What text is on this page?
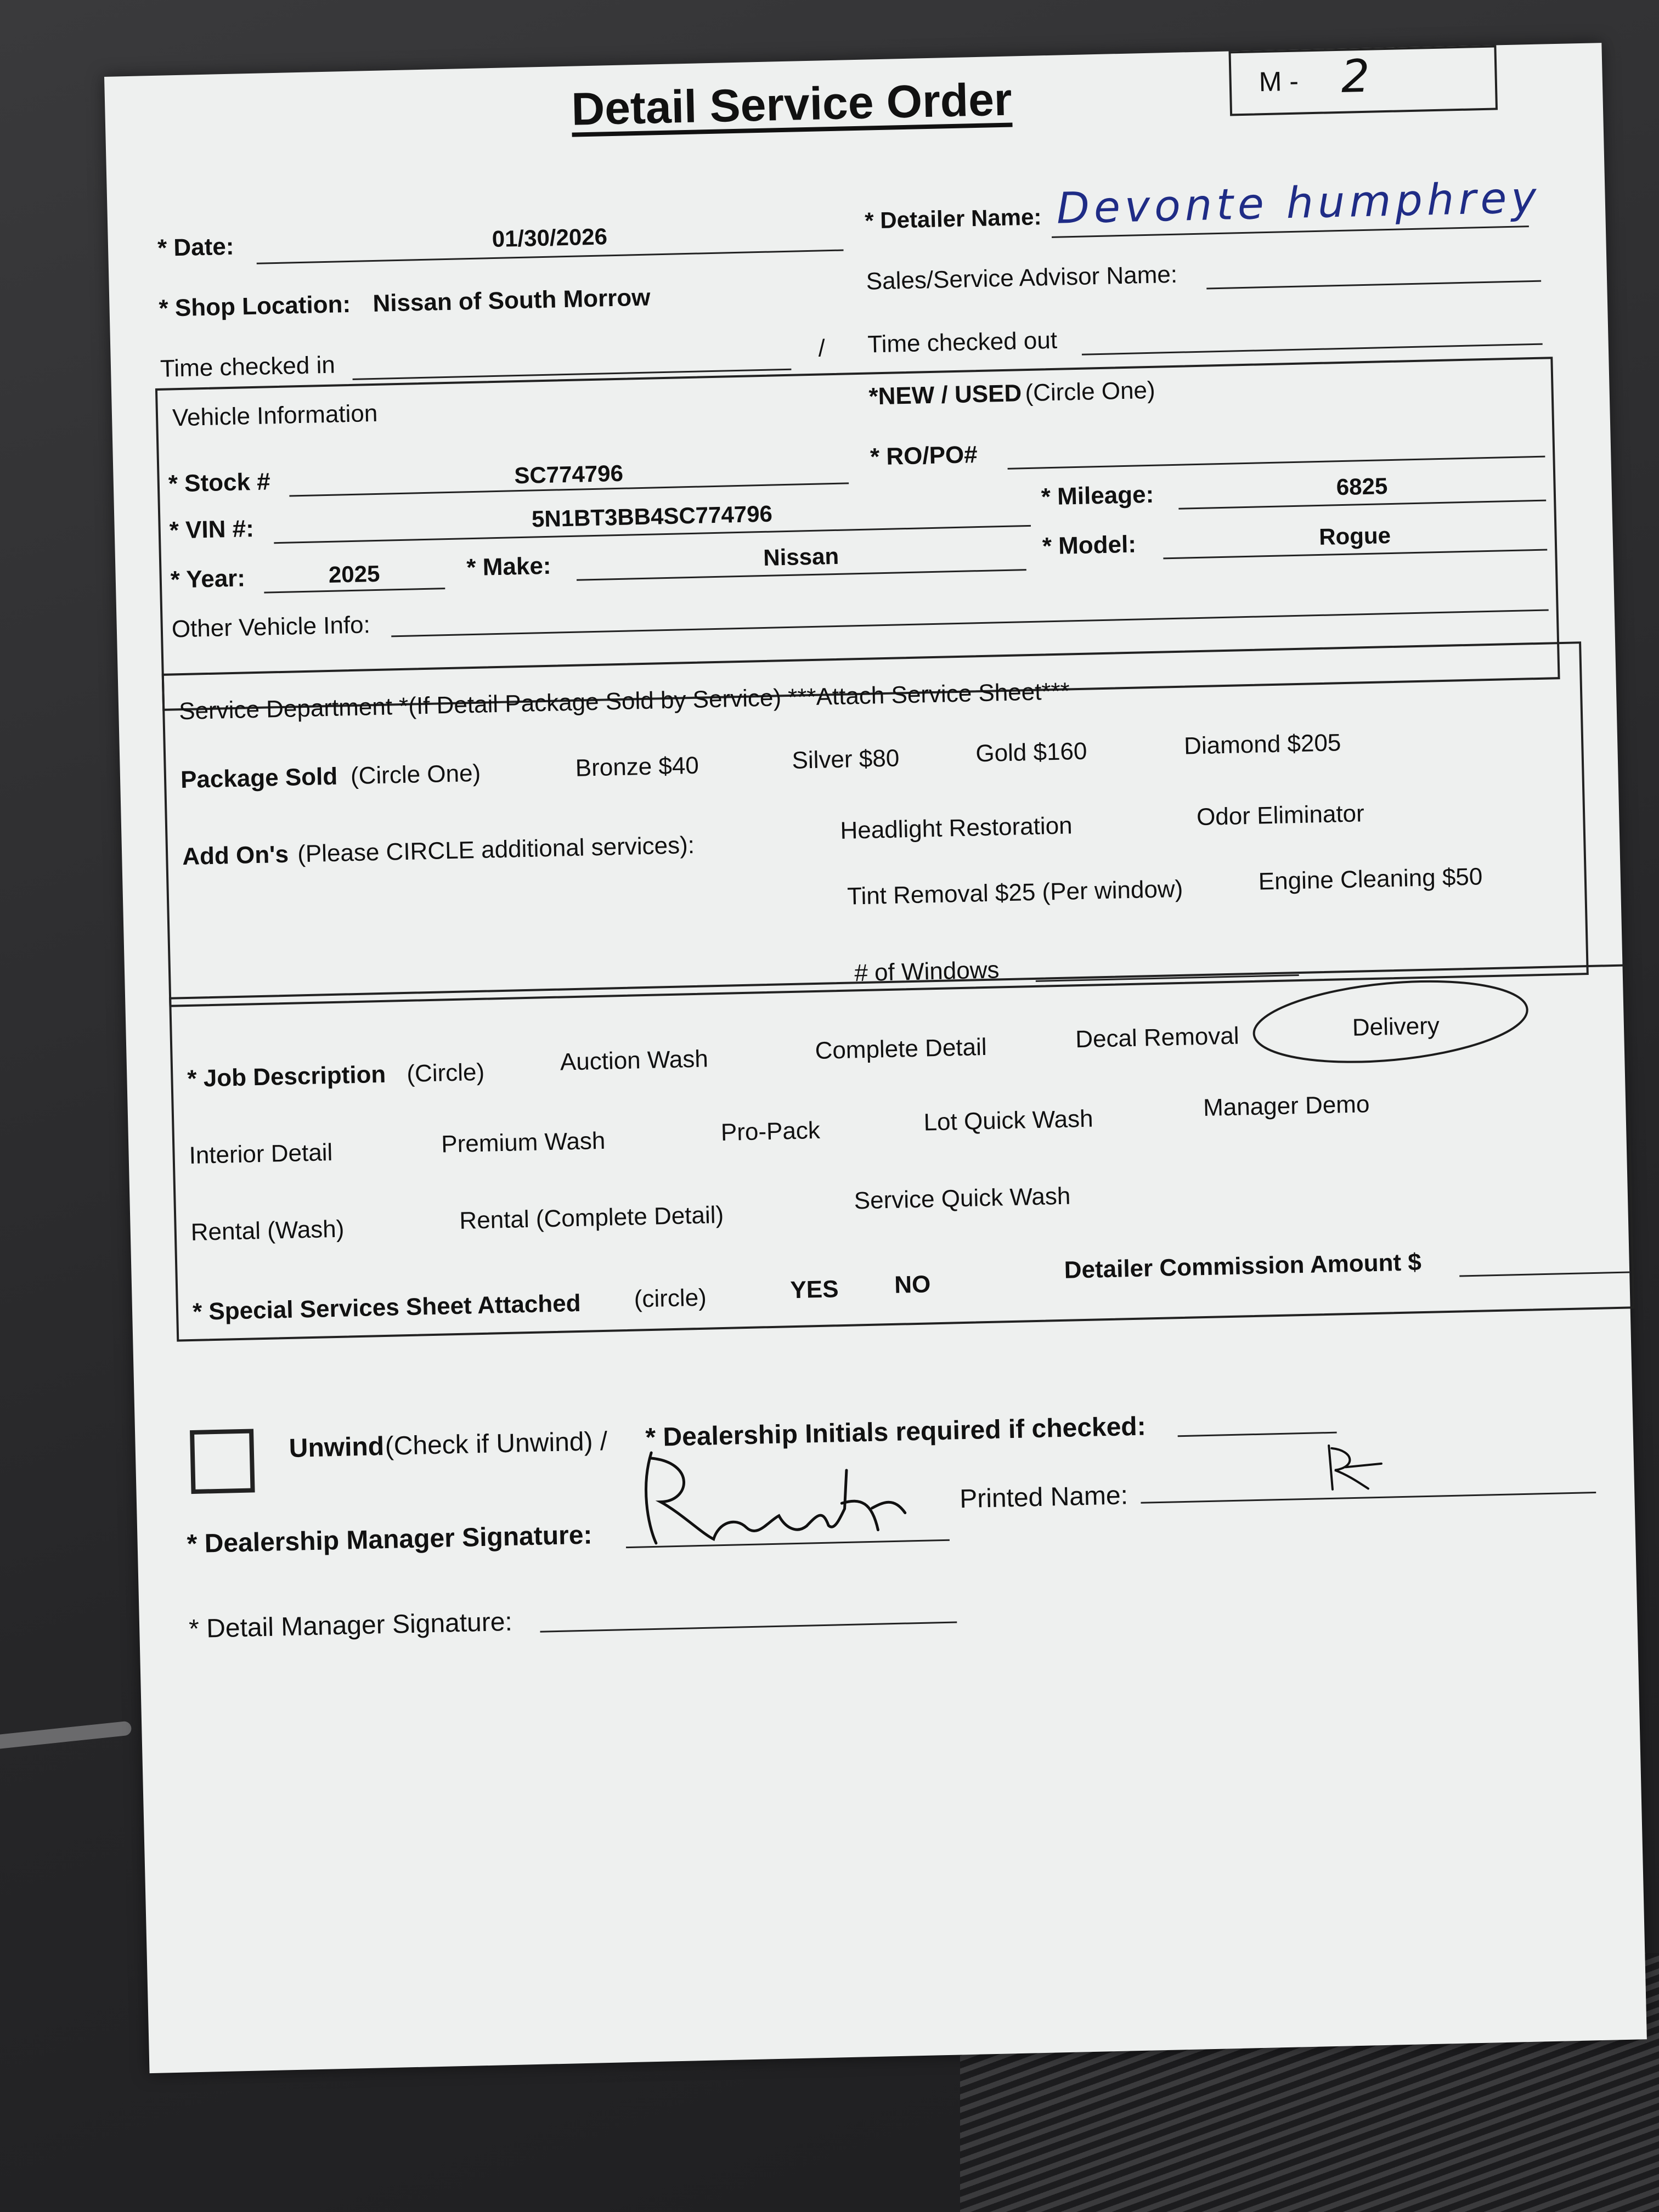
Detail Service Order	M - 2
* Date:	01/30/2026
* Detailer Name: Devonte humphrey
* Shop Location: Nissan of South Morrow
Sales/Service Advisor Name:
Time checked in
/ Time checked out
Vehicle Information
*NEW / USED (Circle One)
* RO/PO#
* Stock #	SC774796
* Mileage:	6825
* VIN #:	5N1BT3BB4SC774796
* Model:	Rogue
* Year:	2025	* Make:	Nissan
Other Vehicle Info:
Service Department *(If Detail Package Sold by Service) ***Attach Service Sheet***
Package Sold (Circle One)	Bronze $40	Silver $80	Gold $160	Diamond $205
Add On's (Please CIRCLE additional services):
Headlight Restoration	Odor Eliminator
Tint Removal $25 (Per window)	Engine Cleaning $50
# of Windows
* Job Description (Circle)	Auction Wash	Complete Detail	Decal Removal	Delivery
Interior Detail	Premium Wash	Pro-Pack	Lot Quick Wash	Manager Demo
Rental (Wash)	Rental (Complete Detail)
Service Quick Wash
* Special Services Sheet Attached (circle)	YES NO
Detailer Commission Amount $
Unwind (Check if Unwind) / * Dealership Initials required if checked:
* Dealership Manager Signature:
Printed Name:
* Detail Manager Signature:
